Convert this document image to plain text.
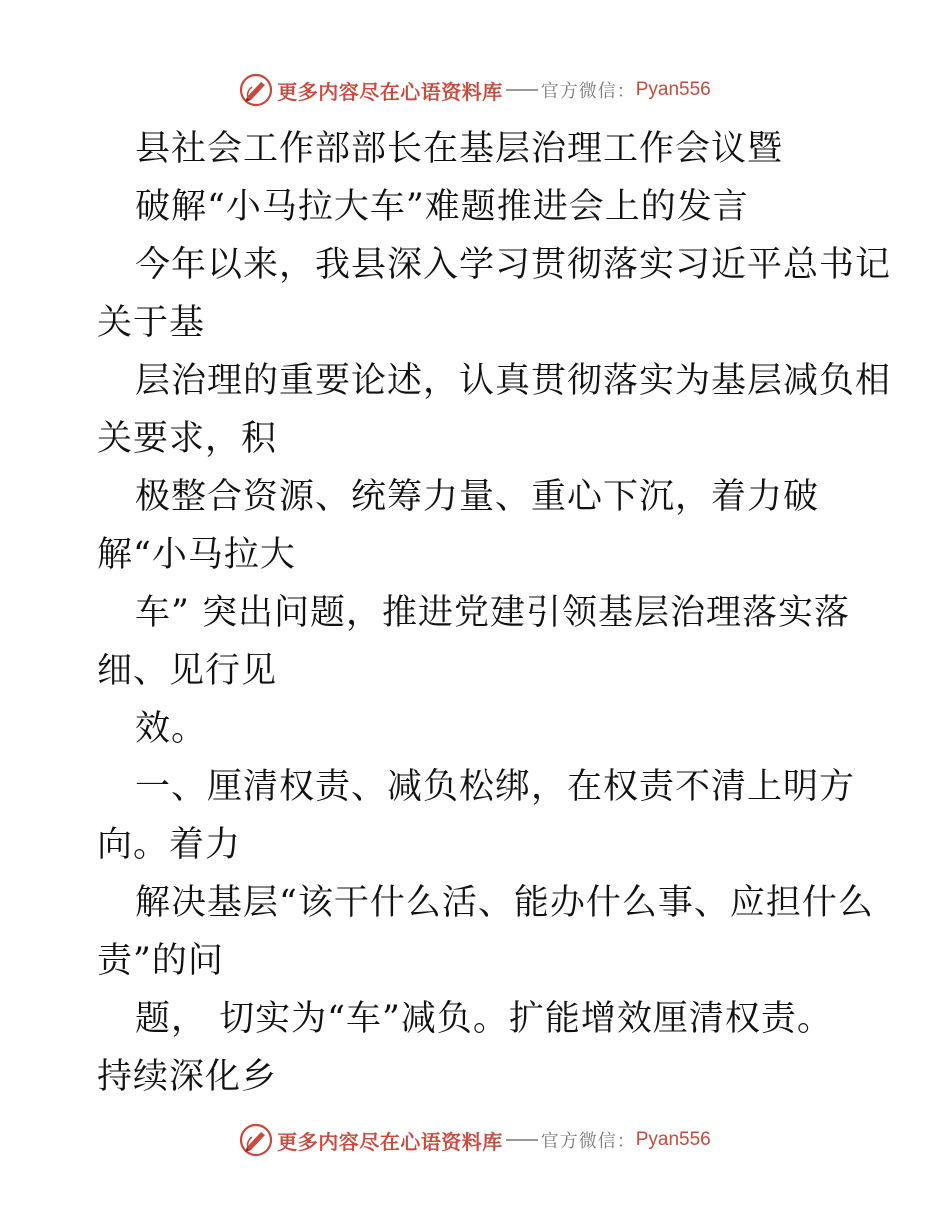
更多内容尽在心语资料库 官方微信： Pyan556
县社会工作部部长在基层治理工作会议暨
破解“小马拉大车”难题推进会上的发言
今年以来，我县深入学习贯彻落实习近平总书记
关于基
层治理的重要论述，认真贯彻落实为基层减负相
关要求，积
极整合资源、统筹力量、重心下沉，着力破
解“小马拉大
车” 突出问题，推进党建引领基层治理落实落
细、见行见
效。
一、厘清权责、减负松绑，在权责不清上明方
向。着力
解决基层“该干什么活、能办什么事、应担什么
责”的问
题， 切实为“车”减负。扩能增效厘清权责。
持续深化乡
更多内容尽在心语资料库 官方微信： Pyan556
